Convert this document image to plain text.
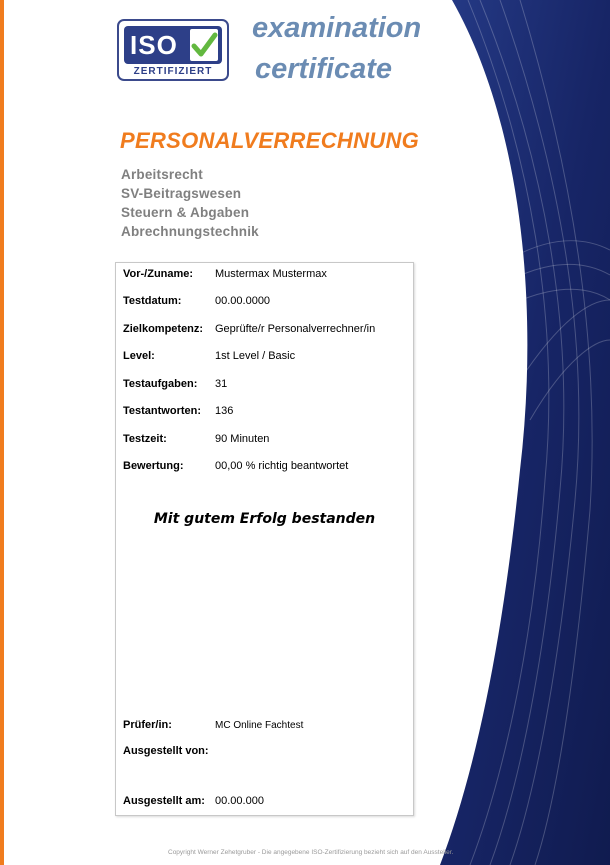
ISO
ZERTIFIZIERT
examination
certificate
PERSONALVERRECHNUNG
Arbeitsrecht
SV-Beitragswesen
Steuern & Abgaben
Abrechnungstechnik
Vor-/Zuname: Mustermax Mustermax
Testdatum:	00.00.0000
Zielkompetenz: Geprüfte/r Personalverrechner/in
Level:	1st Level / Basic
Testaufgaben: 31
Testantworten: 136
Testzeit:	90 Minuten
Bewertung:	00,00 % richtig beantwortet
Mit gutem Erfolg bestanden
Prüfer/in:	MC Online Fachtest
Ausgestellt von:
Ausgestellt am: 00.00.000
Copyright Werner Zehetgruber - Die angegebene ISO-Zertifizierung bezieht sich auf den Aussteller.
